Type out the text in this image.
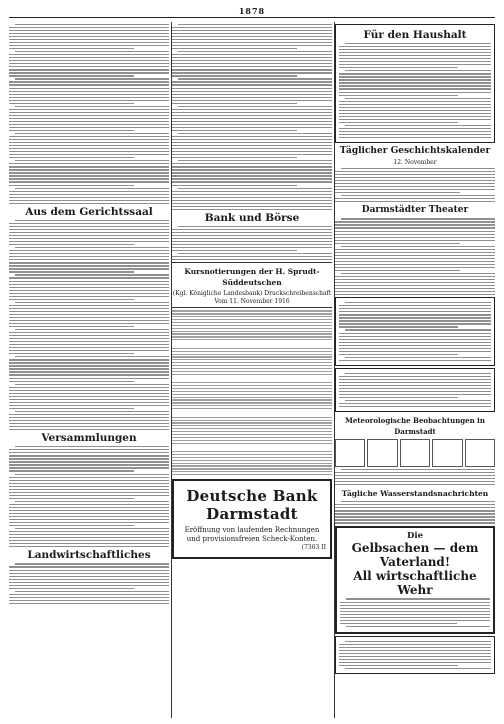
1878
Aus dem Gerichtssaal
Versammlungen
Landwirtschaftliches
Bank und Börse
Kursnotierungen der H. Sprudt-Süddeutschen
(Kgl. Königliche Landesbank) Druckschreibenschaft
Vom 11. November 1916
Deutsche Bank Darmstadt
Eröffnung von laufenden Rechnungen und provisionsfreien Scheck-Konten.
(7303 II
Für den Haushalt
Täglicher Geschichtskalender
12. November
Darmstädter Theater
Meteorologische Beobachtungen in Darmstadt
Tägliche Wasserstandsnachrichten
Die
Gelbsachen — dem
Vaterland!
All wirtschaftliche Wehr
